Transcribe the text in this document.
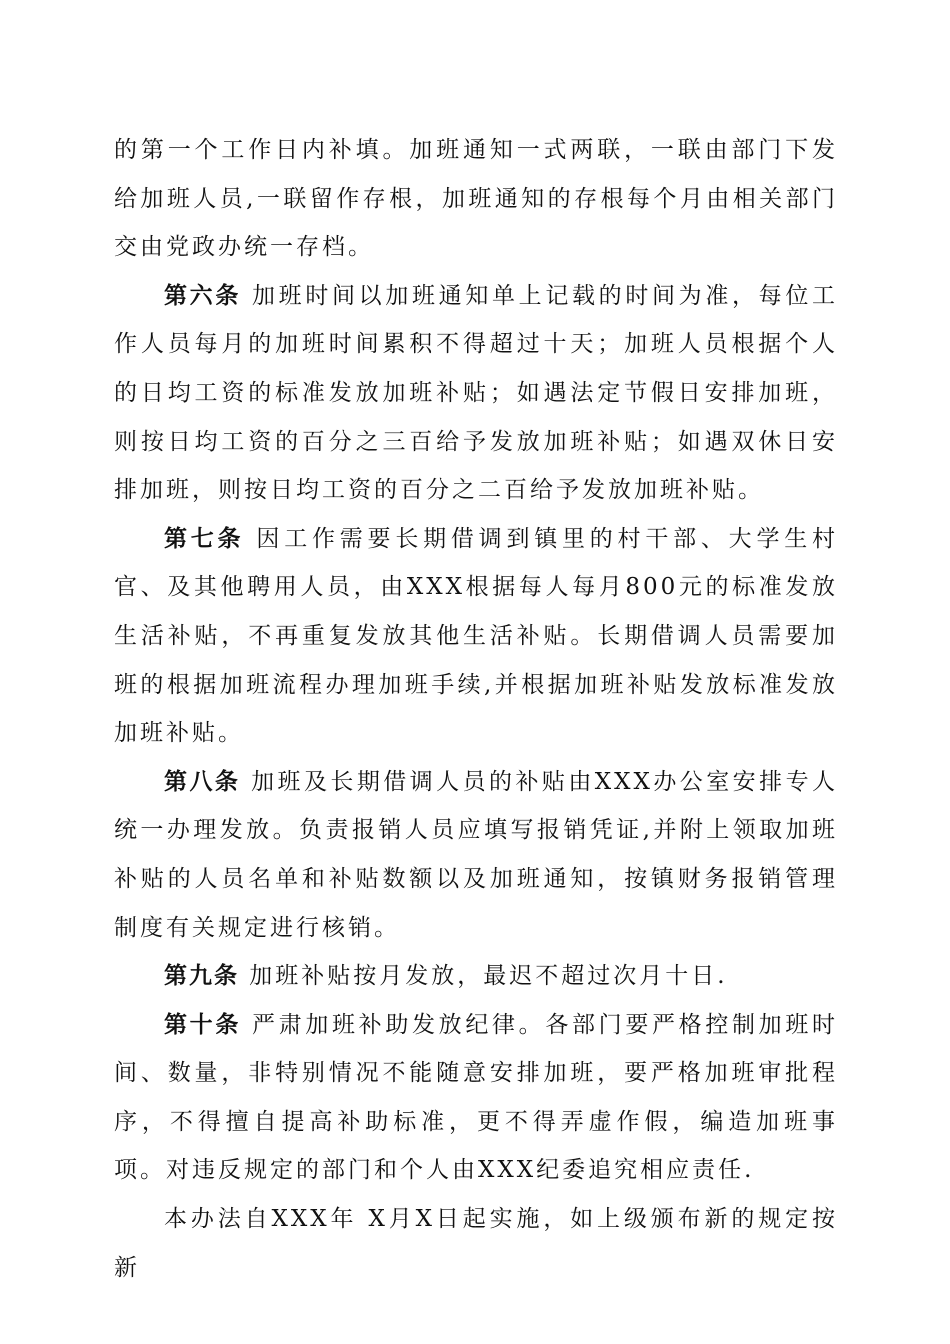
的第一个工作日内补填。加班通知一式两联，一联由部门下发给加班人员,一联留作存根，加班通知的存根每个月由相关部门交由党政办统一存档。

第六条 加班时间以加班通知单上记载的时间为准，每位工作人员每月的加班时间累积不得超过十天；加班人员根据个人的日均工资的标准发放加班补贴；如遇法定节假日安排加班，则按日均工资的百分之三百给予发放加班补贴；如遇双休日安排加班，则按日均工资的百分之二百给予发放加班补贴。

第七条 因工作需要长期借调到镇里的村干部、大学生村官、及其他聘用人员，由XXX根据每人每月800元的标准发放生活补贴，不再重复发放其他生活补贴。长期借调人员需要加班的根据加班流程办理加班手续,并根据加班补贴发放标准发放加班补贴。

第八条 加班及长期借调人员的补贴由XXX办公室安排专人统一办理发放。负责报销人员应填写报销凭证,并附上领取加班补贴的人员名单和补贴数额以及加班通知，按镇财务报销管理制度有关规定进行核销。

第九条 加班补贴按月发放，最迟不超过次月十日.

第十条 严肃加班补助发放纪律。各部门要严格控制加班时间、数量，非特别情况不能随意安排加班，要严格加班审批程序，不得擅自提高补助标准，更不得弄虚作假，编造加班事项。对违反规定的部门和个人由XXX纪委追究相应责任.

本办法自XXX年 X月X日起实施，如上级颁布新的规定按新
